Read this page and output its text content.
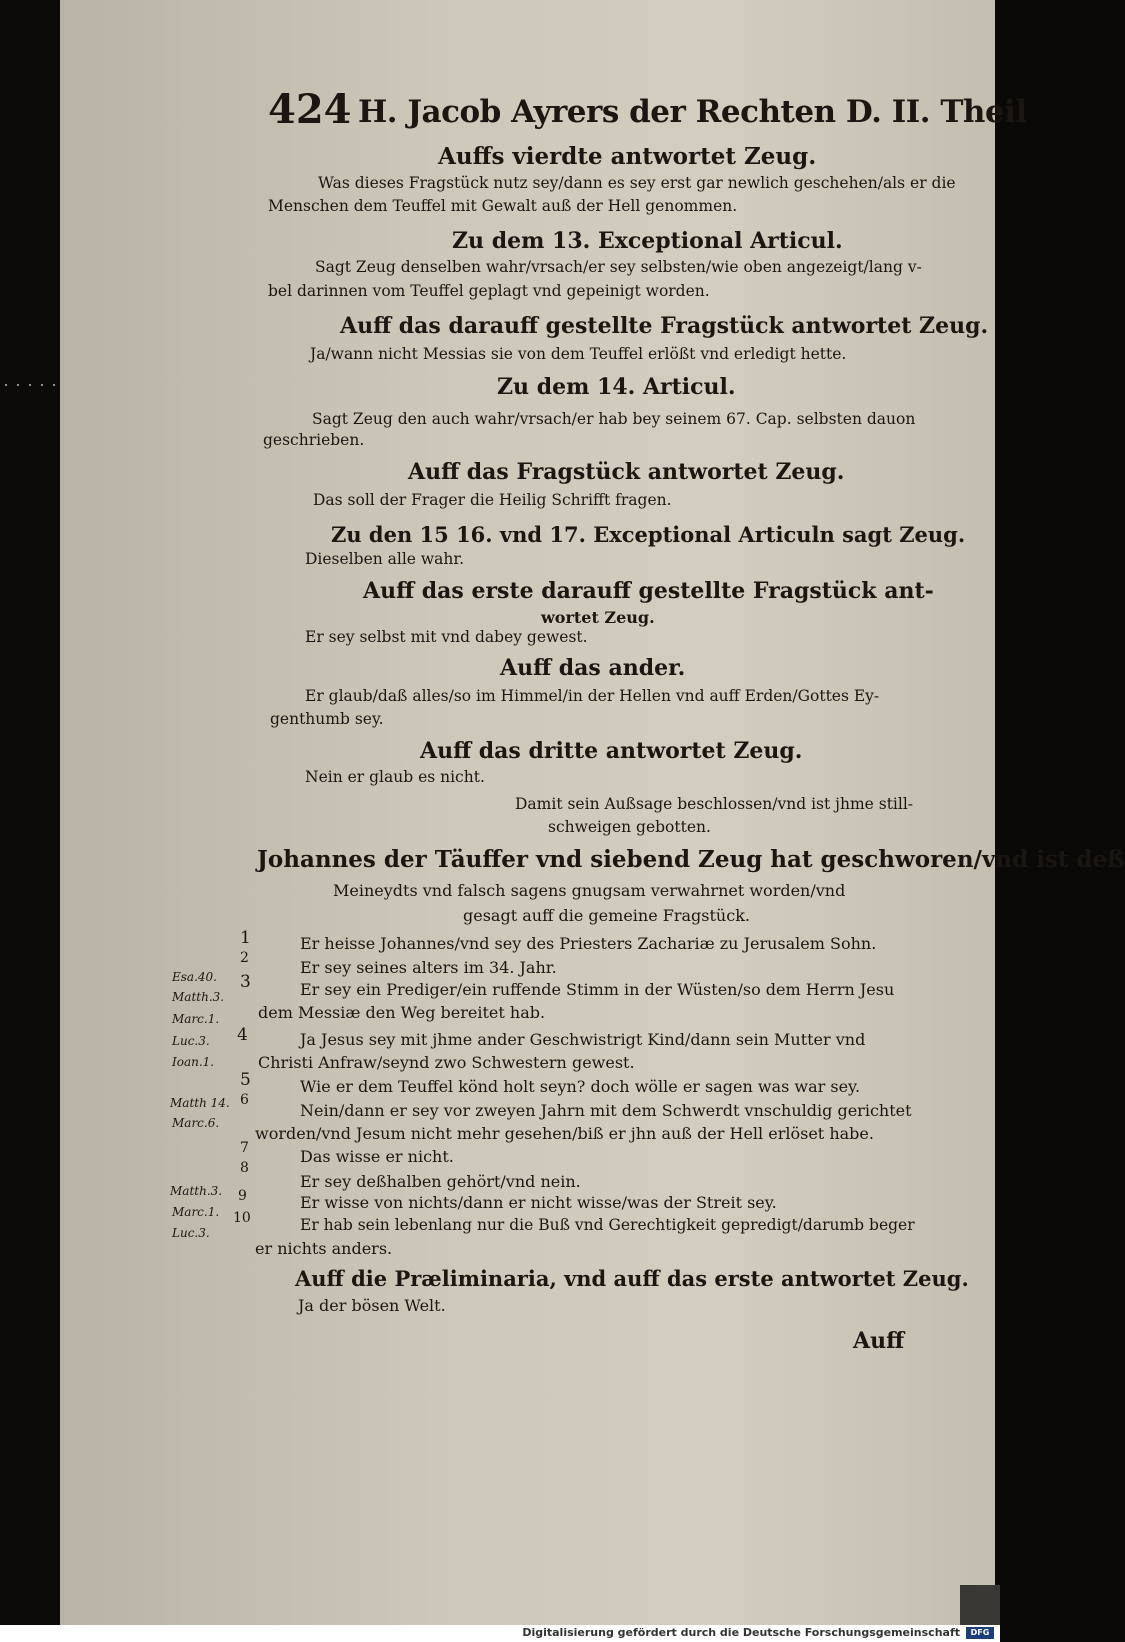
424 H. Jacob Ayrers der Rechten D. II. Theil
Auffs vierdte antwortet Zeug.
Was dieses Fragstück nutz sey/dann es sey erst gar newlich geschehen/als er die
Menschen dem Teuffel mit Gewalt auß der Hell genommen.
Zu dem 13. Exceptional Articul.
Sagt Zeug denselben wahr/vrsach/er sey selbsten/wie oben angezeigt/lang v-
bel darinnen vom Teuffel geplagt vnd gepeinigt worden.
Auff das darauff gestellte Fragstück antwortet Zeug.
Ja/wann nicht Messias sie von dem Teuffel erlößt vnd erledigt hette.
Zu dem 14. Articul.
Sagt Zeug den auch wahr/vrsach/er hab bey seinem 67. Cap. selbsten dauon
geschrieben.
Auff das Fragstück antwortet Zeug.
Das soll der Frager die Heilig Schrifft fragen.
Zu den 15 16. vnd 17. Exceptional Articuln sagt Zeug.
Dieselben alle wahr.
Auff das erste darauff gestellte Fragstück ant-
wortet Zeug.
Er sey selbst mit vnd dabey gewest.
Auff das ander.
Er glaub/daß alles/so im Himmel/in der Hellen vnd auff Erden/Gottes Ey-
genthumb sey.
Auff das dritte antwortet Zeug.
Nein er glaub es nicht.
Damit sein Außsage beschlossen/vnd ist jhme still-
schweigen gebotten.
Johannes der Täuffer vnd siebend Zeug hat geschworen/vnd ist deß
Meineydts vnd falsch sagens gnugsam verwahrnet worden/vnd
gesagt auff die gemeine Fragstück.
1	Er heisse Johannes/vnd sey des Priesters Zachariæ zu Jerusalem Sohn.
2	Er sey seines alters im 34. Jahr.
3	Er sey ein Prediger/ein ruffende Stimm in der Wüsten/so dem Herrn Jesu
dem Messiæ den Weg bereitet hab.
4	Ja Jesus sey mit jhme ander Geschwistrigt Kind/dann sein Mutter vnd
Christi Anfraw/seynd zwo Schwestern gewest.
5	Wie er dem Teuffel könd holt seyn? doch wölle er sagen was war sey.
6
Nein/dann er sey vor zweyen Jahrn mit dem Schwerdt vnschuldig gerichtet
worden/vnd Jesum nicht mehr gesehen/biß er jhn auß der Hell erlöset habe.
7	Das wisse er nicht.
8
Er sey deßhalben gehört/vnd nein.
9	Er wisse von nichts/dann er nicht wisse/was der Streit sey.
10	Er hab sein lebenlang nur die Buß vnd Gerechtigkeit gepredigt/darumb beger
er nichts anders.
Auff die Præliminaria, vnd auff das erste antwortet Zeug.
Ja der bösen Welt.
Auff
Esa.40.
Matth.3.
Marc.1.
Luc.3.
Ioan.1.
Matth 14.
Marc.6.
Matth.3.
Marc.1.
Luc.3.
Digitalisierung gefördert durch die Deutsche Forschungsgemeinschaft	DFG
